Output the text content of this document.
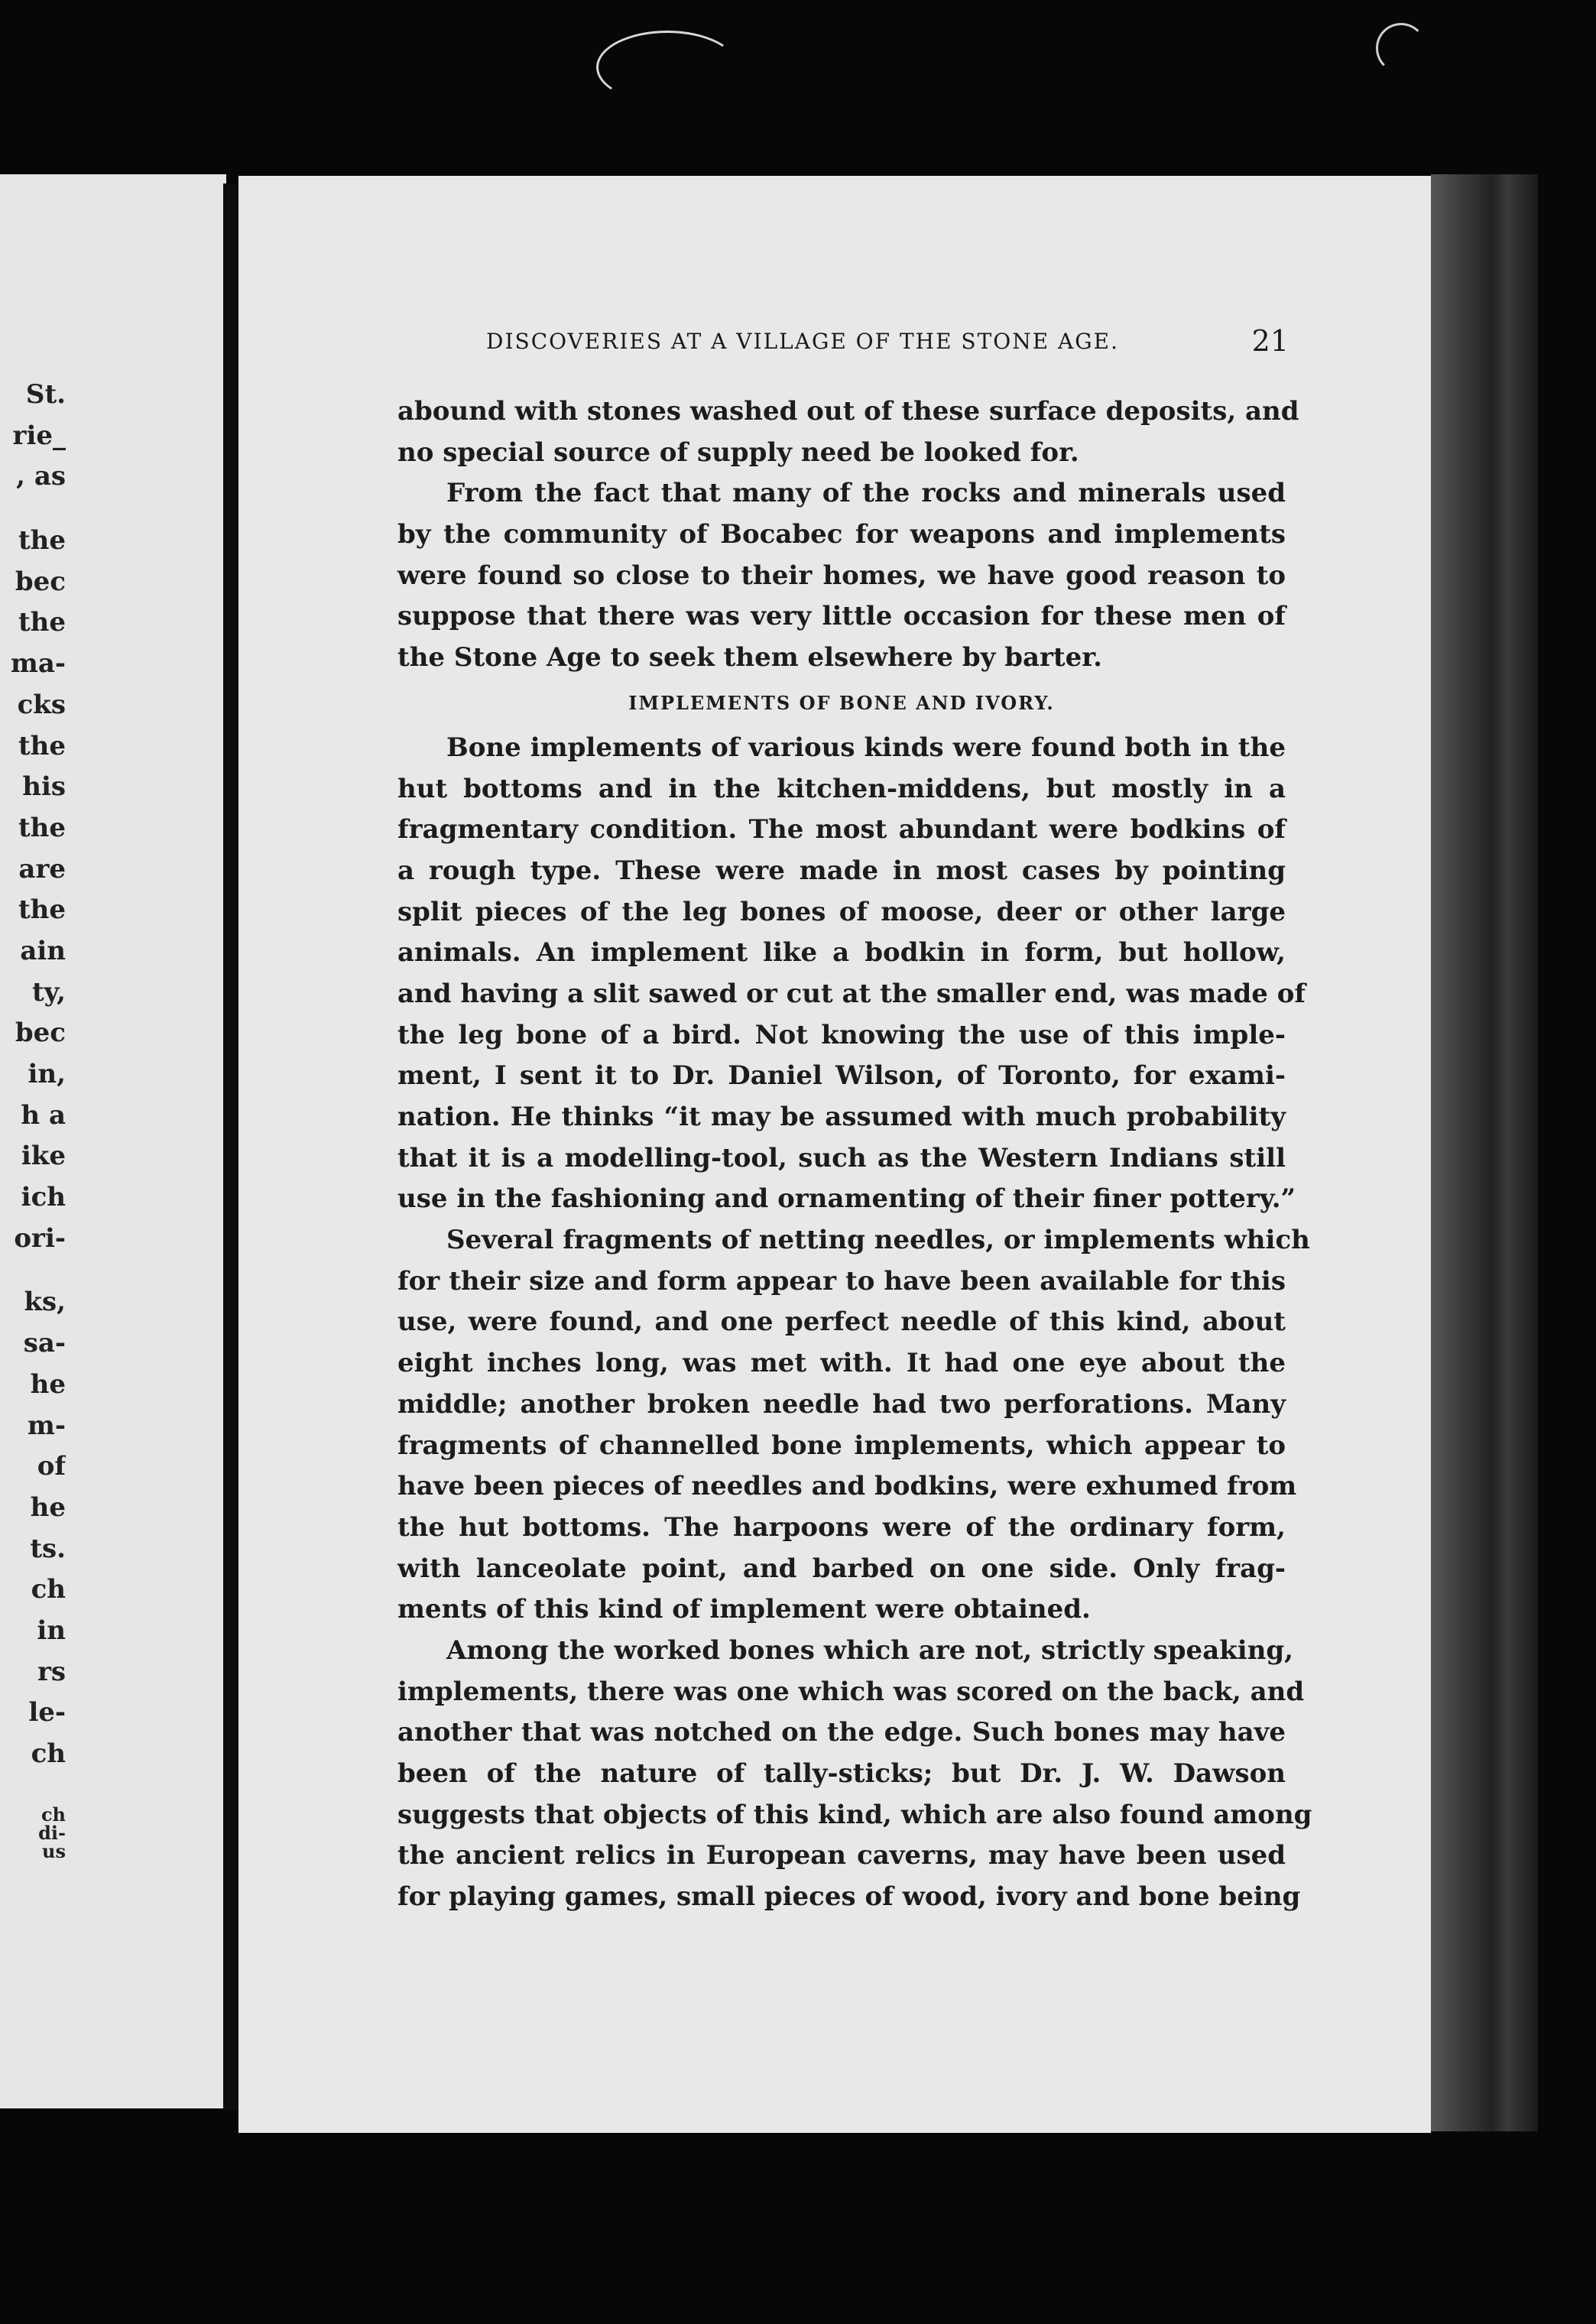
St.
rie_
, as
the
bec
the
ma-
cks
the
his
the
are
the
ain
ty,
bec
in,
h a
ike
ich
ori-
ks,
sa-
he
m-
of
he
ts.
ch
in
rs
le-
ch
ch
di-
us
DISCOVERIES AT A VILLAGE OF THE STONE AGE.	21
abound with stones washed out of these surface deposits, and
no special source of supply need be looked for.
From the fact that many of the rocks and minerals used
by the community of Bocabec for weapons and implements
were found so close to their homes, we have good reason to
suppose that there was very little occasion for these men of
the Stone Age to seek them elsewhere by barter.
IMPLEMENTS OF BONE AND IVORY.
Bone implements of various kinds were found both in the
hut bottoms and in the kitchen-middens, but mostly in a
fragmentary condition. The most abundant were bodkins of
a rough type. These were made in most cases by pointing
split pieces of the leg bones of moose, deer or other large
animals. An implement like a bodkin in form, but hollow,
and having a slit sawed or cut at the smaller end, was made of
the leg bone of a bird. Not knowing the use of this imple-
ment, I sent it to Dr. Daniel Wilson, of Toronto, for exami-
nation. He thinks “it may be assumed with much probability
that it is a modelling-tool, such as the Western Indians still
use in the fashioning and ornamenting of their finer pottery.”
Several fragments of netting needles, or implements which
for their size and form appear to have been available for this
use, were found, and one perfect needle of this kind, about
eight inches long, was met with. It had one eye about the
middle; another broken needle had two perforations. Many
fragments of channelled bone implements, which appear to
have been pieces of needles and bodkins, were exhumed from
the hut bottoms. The harpoons were of the ordinary form,
with lanceolate point, and barbed on one side. Only frag-
ments of this kind of implement were obtained.
Among the worked bones which are not, strictly speaking,
implements, there was one which was scored on the back, and
another that was notched on the edge. Such bones may have
been of the nature of tally-sticks; but Dr. J. W. Dawson
suggests that objects of this kind, which are also found among
the ancient relics in European caverns, may have been used
for playing games, small pieces of wood, ivory and bone being
